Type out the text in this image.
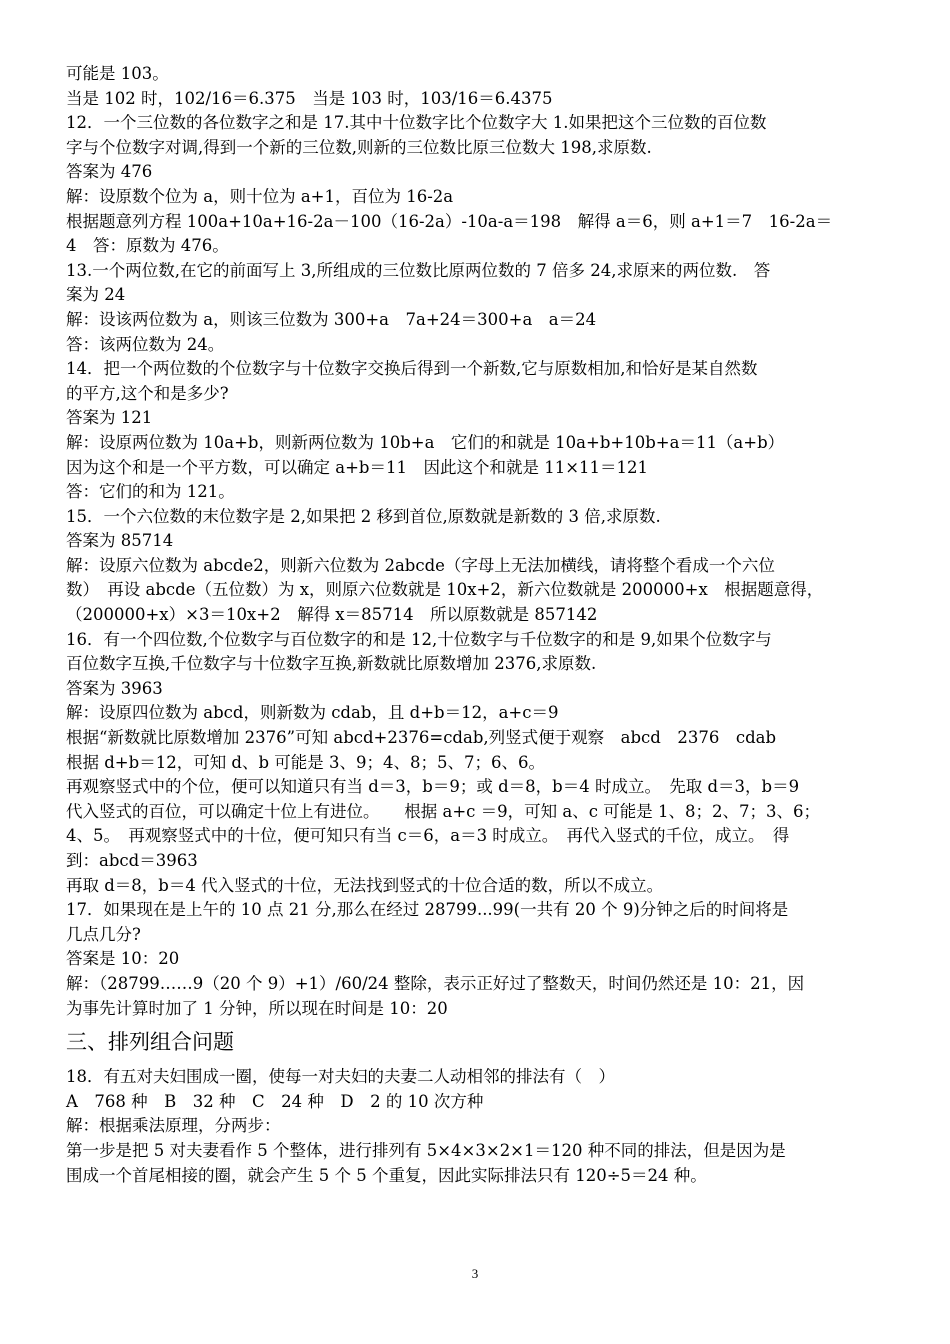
可能是 103。
当是 102 时，102/16＝6.375　当是 103 时，103/16＝6.4375
12．一个三位数的各位数字之和是 17.其中十位数字比个位数字大 1.如果把这个三位数的百位数
字与个位数字对调,得到一个新的三位数,则新的三位数比原三位数大 198,求原数.
答案为 476
解：设原数个位为 a，则十位为 a+1，百位为 16-2a
根据题意列方程 100a+10a+16-2a－100（16-2a）-10a-a＝198　解得 a＝6，则 a+1＝7　16-2a＝
4　答：原数为 476。
13.一个两位数,在它的前面写上 3,所组成的三位数比原两位数的 7 倍多 24,求原来的两位数.　答
案为 24
解：设该两位数为 a，则该三位数为 300+a　7a+24＝300+a　a＝24
答：该两位数为 24。
14．把一个两位数的个位数字与十位数字交换后得到一个新数,它与原数相加,和恰好是某自然数
的平方,这个和是多少?
答案为 121
解：设原两位数为 10a+b，则新两位数为 10b+a　它们的和就是 10a+b+10b+a＝11（a+b）
因为这个和是一个平方数，可以确定 a+b＝11　因此这个和就是 11×11＝121
答：它们的和为 121。
15．一个六位数的末位数字是 2,如果把 2 移到首位,原数就是新数的 3 倍,求原数.
答案为 85714
解：设原六位数为 abcde2，则新六位数为 2abcde（字母上无法加横线，请将整个看成一个六位
数）　再设 abcde（五位数）为 x，则原六位数就是 10x+2，新六位数就是 200000+x　根据题意得，
（200000+x）×3＝10x+2　解得 x＝85714　所以原数就是 857142
16．有一个四位数,个位数字与百位数字的和是 12,十位数字与千位数字的和是 9,如果个位数字与
百位数字互换,千位数字与十位数字互换,新数就比原数增加 2376,求原数.
答案为 3963
解：设原四位数为 abcd，则新数为 cdab，且 d+b＝12，a+c＝9
根据“新数就比原数增加 2376”可知 abcd+2376=cdab,列竖式便于观察　abcd　2376　cdab
根据 d+b＝12，可知 d、b 可能是 3、9；4、8；5、7；6、6。
再观察竖式中的个位，便可以知道只有当 d＝3，b＝9；或 d＝8，b＝4 时成立。　先取 d＝3，b＝9
代入竖式的百位，可以确定十位上有进位。　　根据 a+c ＝9，可知 a、c 可能是 1、8；2、7；3、6；
4、5。　再观察竖式中的十位，便可知只有当 c＝6，a＝3 时成立。　再代入竖式的千位，成立。　得
到：abcd＝3963
再取 d＝8，b＝4 代入竖式的十位，无法找到竖式的十位合适的数，所以不成立。
17．如果现在是上午的 10 点 21 分,那么在经过 28799...99(一共有 20 个 9)分钟之后的时间将是
几点几分?
答案是 10：20
解：（28799……9（20 个 9）+1）/60/24 整除，表示正好过了整数天，时间仍然还是 10：21，因
为事先计算时加了 1 分钟，所以现在时间是 10：20
三、排列组合问题
18．有五对夫妇围成一圈，使每一对夫妇的夫妻二人动相邻的排法有（　）
A　768 种　B　32 种　C　24 种　D　2 的 10 次方种
解：根据乘法原理，分两步：
第一步是把 5 对夫妻看作 5 个整体，进行排列有 5×4×3×2×1＝120 种不同的排法，但是因为是
围成一个首尾相接的圈，就会产生 5 个 5 个重复，因此实际排法只有 120÷5＝24 种。
3
